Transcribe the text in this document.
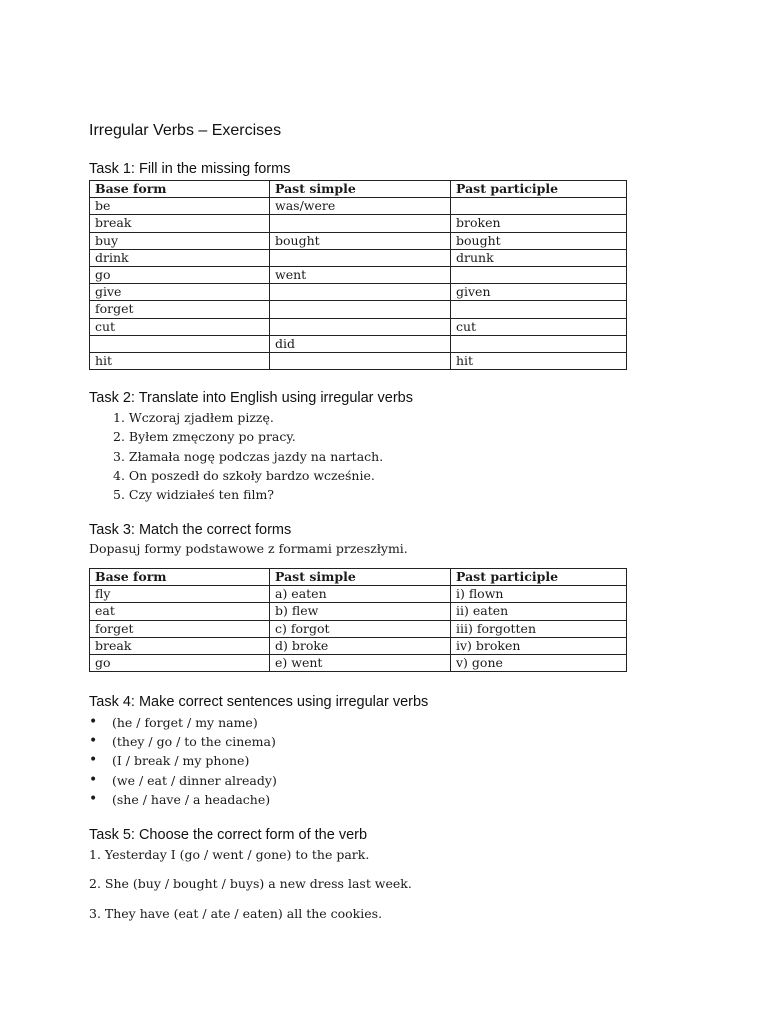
Irregular Verbs – Exercises
Task 1: Fill in the missing forms
Base form	Past simple	Past participle
be	was/were	
break		broken
buy	bought	bought
drink		drunk
go	went	
give		given
forget		
cut		cut
	did	
hit		hit
Task 2: Translate into English using irregular verbs
1. Wczoraj zjadłem pizzę.
2. Byłem zmęczony po pracy.
3. Złamała nogę podczas jazdy na nartach.
4. On poszedł do szkoły bardzo wcześnie.
5. Czy widziałeś ten film?
Task 3: Match the correct forms

Dopasuj formy podstawowe z formami przeszłymi.

Base form	Past simple	Past participle
fly	a) eaten	i) flown
eat	b) flew	ii) eaten
forget	c) forgot	iii) forgotten
break	d) broke	iv) broken
go	e) went	v) gone
Task 4: Make correct sentences using irregular verbs
• (he / forget / my name)
• (they / go / to the cinema)
• (I / break / my phone)
• (we / eat / dinner already)
• (she / have / a headache)
Task 5: Choose the correct form of the verb

1. Yesterday I (go / went / gone) to the park.

2. She (buy / bought / buys) a new dress last week.

3. They have (eat / ate / eaten) all the cookies.
